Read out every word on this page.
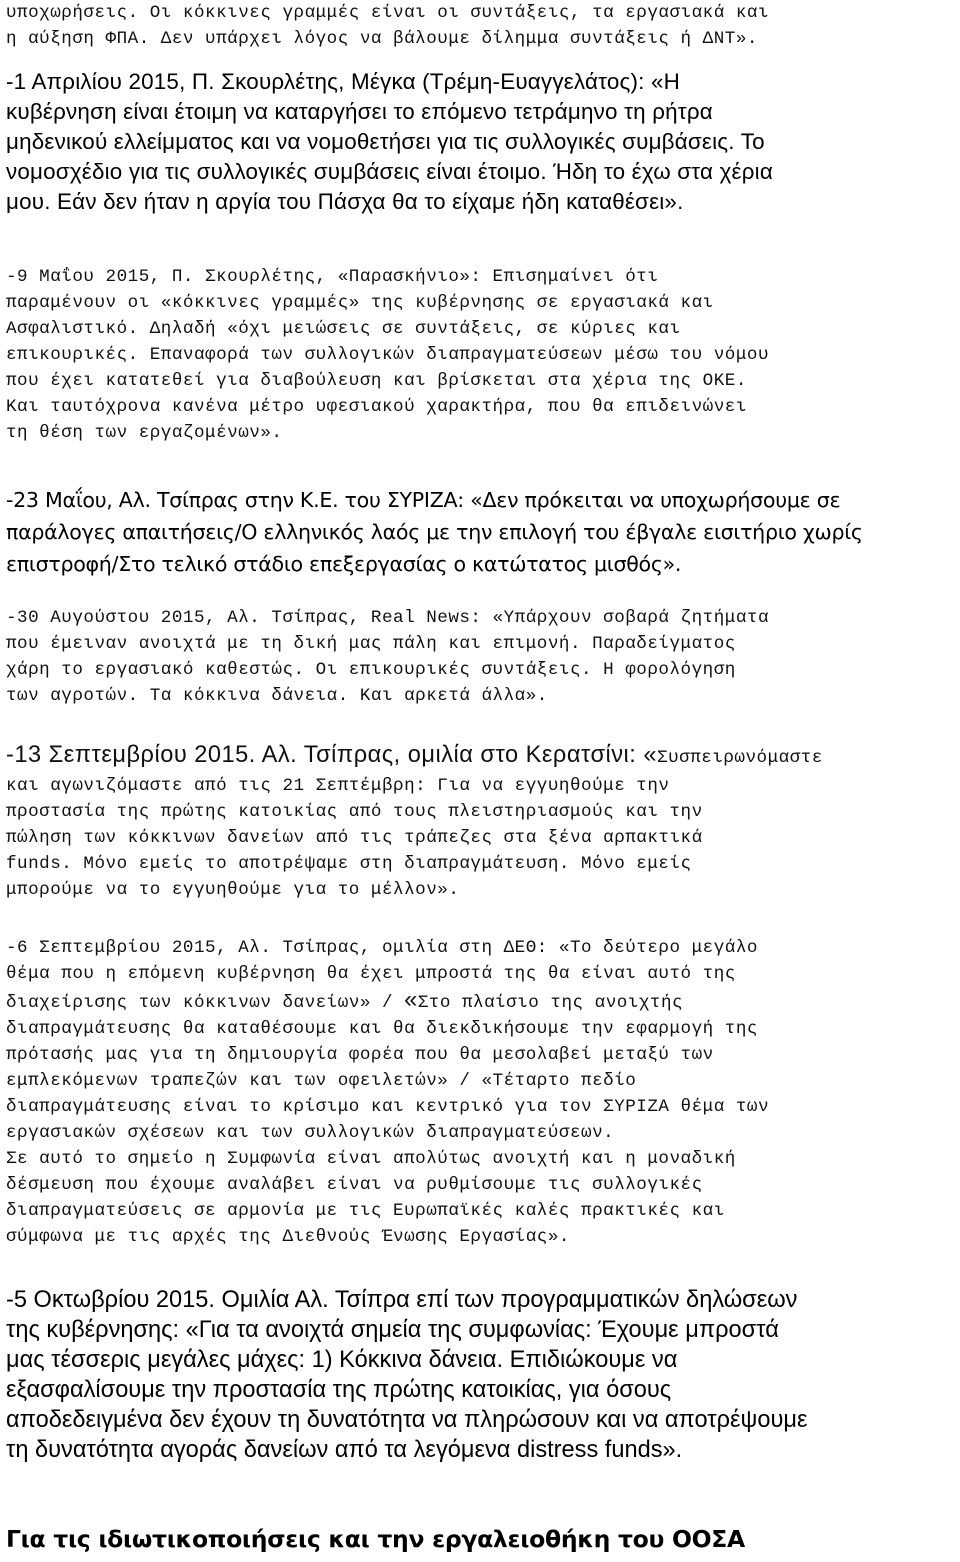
υποχωρήσεις. Οι κόκκινες γραμμές είναι οι συντάξεις, τα εργασιακά και
η αύξηση ΦΠΑ. Δεν υπάρχει λόγος να βάλουμε δίλημμα συντάξεις ή ΔΝΤ».
-1 Απριλίου 2015, Π. Σκουρλέτης, Μέγκα (Τρέμη-Ευαγγελάτος): «Η
κυβέρνηση είναι έτοιμη να καταργήσει το επόμενο τετράμηνο τη ρήτρα
μηδενικού ελλείμματος και να νομοθετήσει για τις συλλογικές συμβάσεις. Το
νομοσχέδιο για τις συλλογικές συμβάσεις είναι έτοιμο. Ήδη το έχω στα χέρια
μου. Εάν δεν ήταν η αργία του Πάσχα θα το είχαμε ήδη καταθέσει».
-9 Μαΐου 2015, Π. Σκουρλέτης, «Παρασκήνιο»: Επισημαίνει ότι
παραμένουν οι «κόκκινες γραμμές» της κυβέρνησης σε εργασιακά και
Ασφαλιστικό. Δηλαδή «όχι μειώσεις σε συντάξεις, σε κύριες και
επικουρικές. Επαναφορά των συλλογικών διαπραγματεύσεων μέσω του νόμου
που έχει κατατεθεί για διαβούλευση και βρίσκεται στα χέρια της ΟΚΕ.
Και ταυτόχρονα κανένα μέτρο υφεσιακού χαρακτήρα, που θα επιδεινώνει
τη θέση των εργαζομένων».
-23 Μαΐου, Αλ. Τσίπρας στην Κ.Ε. του ΣΥΡΙΖΑ: «Δεν πρόκειται να υποχωρήσουμε σε
παράλογες απαιτήσεις/Ο ελληνικός λαός με την επιλογή του έβγαλε εισιτήριο χωρίς
επιστροφή/Στο τελικό στάδιο επεξεργασίας ο κατώτατος μισθός».
-30 Αυγούστου 2015, Αλ. Τσίπρας, Real News: «Υπάρχουν σοβαρά ζητήματα
που έμειναν ανοιχτά με τη δική μας πάλη και επιμονή. Παραδείγματος
χάρη το εργασιακό καθεστώς. Οι επικουρικές συντάξεις. Η φορολόγηση
των αγροτών. Τα κόκκινα δάνεια. Και αρκετά άλλα».
-13 Σεπτεμβρίου 2015. Αλ. Τσίπρας, ομιλία στο Κερατσίνι: «Συσπειρωνόμαστε
και αγωνιζόμαστε από τις 21 Σεπτέμβρη: Για να εγγυηθούμε την
προστασία της πρώτης κατοικίας από τους πλειστηριασμούς και την
πώληση των κόκκινων δανείων από τις τράπεζες στα ξένα αρπακτικά
funds. Μόνο εμείς το αποτρέψαμε στη διαπραγμάτευση. Μόνο εμείς
μπορούμε να το εγγυηθούμε για το μέλλον».
-6 Σεπτεμβρίου 2015, Αλ. Τσίπρας, ομιλία στη ΔΕΘ: «Το δεύτερο μεγάλο
θέμα που η επόμενη κυβέρνηση θα έχει μπροστά της θα είναι αυτό της
διαχείρισης των κόκκινων δανείων» / «Στο πλαίσιο της ανοιχτής
διαπραγμάτευσης θα καταθέσουμε και θα διεκδικήσουμε την εφαρμογή της
πρότασής μας για τη δημιουργία φορέα που θα μεσολαβεί μεταξύ των
εμπλεκόμενων τραπεζών και των οφειλετών» / «Τέταρτο πεδίο
διαπραγμάτευσης είναι το κρίσιμο και κεντρικό για τον ΣΥΡΙΖΑ θέμα των
εργασιακών σχέσεων και των συλλογικών διαπραγματεύσεων.
Σε αυτό το σημείο η Συμφωνία είναι απολύτως ανοιχτή και η μοναδική
δέσμευση που έχουμε αναλάβει είναι να ρυθμίσουμε τις συλλογικές
διαπραγματεύσεις σε αρμονία με τις Ευρωπαϊκές καλές πρακτικές και
σύμφωνα με τις αρχές της Διεθνούς Ένωσης Εργασίας».
-5 Οκτωβρίου 2015. Ομιλία Αλ. Τσίπρα επί των προγραμματικών δηλώσεων
της κυβέρνησης: «Για τα ανοιχτά σημεία της συμφωνίας: Έχουμε μπροστά
μας τέσσερις μεγάλες μάχες: 1) Κόκκινα δάνεια. Επιδιώκουμε να
εξασφαλίσουμε την προστασία της πρώτης κατοικίας, για όσους
αποδεδειγμένα δεν έχουν τη δυνατότητα να πληρώσουν και να αποτρέψουμε
τη δυνατότητα αγοράς δανείων από τα λεγόμενα distress funds».
Για τις ιδιωτικοποιήσεις και την εργαλειοθήκη του ΟΟΣΑ
